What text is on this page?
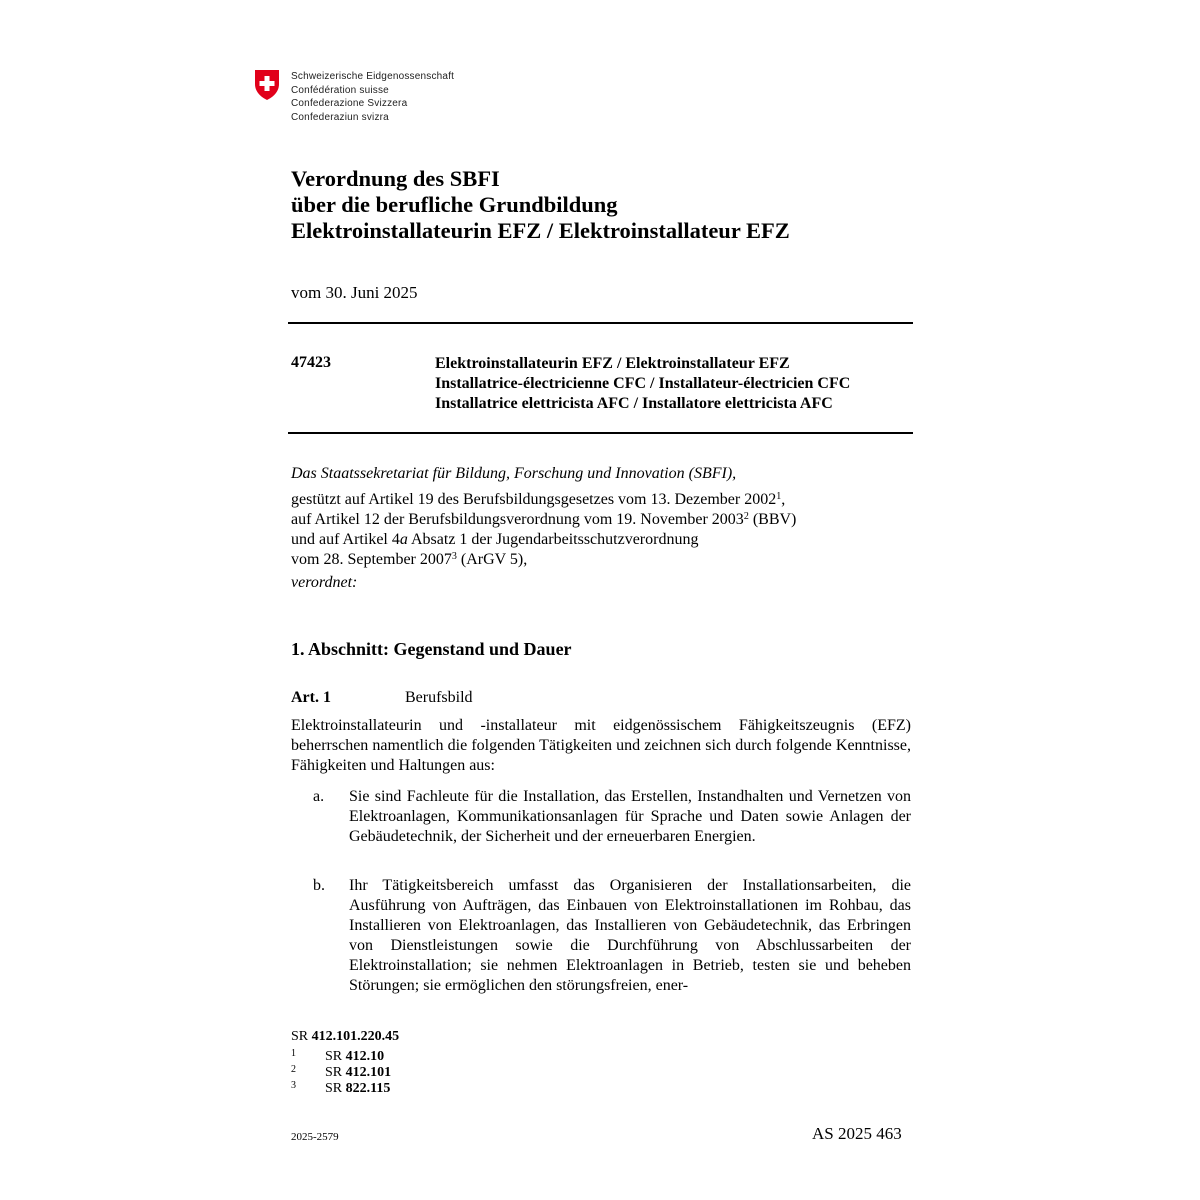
Schweizerische Eidgenossenschaft
Confédération suisse
Confederazione Svizzera
Confederaziun svizra
Verordnung des SBFI
über die berufliche Grundbildung
Elektroinstallateurin EFZ / Elektroinstallateur EFZ
vom 30. Juni 2025
47423	Elektroinstallateurin EFZ / Elektroinstallateur EFZ
Installatrice-électricienne CFC / Installateur-électricien CFC
Installatrice elettricista AFC / Installatore elettricista AFC

Das Staatssekretariat für Bildung, Forschung und Innovation (SBFI),

gestützt auf Artikel 19 des Berufsbildungsgesetzes vom 13. Dezember 2002$^1$,

auf Artikel 12 der Berufsbildungsverordnung vom 19. November 2003$^2$ (BBV)

und auf Artikel 4a Absatz 1 der Jugendarbeitsschutzverordnung

vom 28. September 2007$^3$ (ArGV 5),

verordnet:

1. Abschnitt: Gegenstand und Dauer
Art. 1	Berufsbild
Elektroinstallateurin und -installateur mit eidgenössischem Fähigkeitszeugnis (EFZ) beherrschen namentlich die folgenden Tätigkeiten und zeichnen sich durch folgende Kenntnisse, Fähigkeiten und Haltungen aus:
a. Sie sind Fachleute für die Installation, das Erstellen, Instandhalten und Vernetzen von Elektroanlagen, Kommunikationsanlagen für Sprache und Daten sowie Anlagen der Gebäudetechnik, der Sicherheit und der erneuerbaren Energien.
b. Ihr Tätigkeitsbereich umfasst das Organisieren der Installationsarbeiten, die Ausführung von Aufträgen, das Einbauen von Elektroinstallationen im Rohbau, das Installieren von Elektroanlagen, das Installieren von Gebäudetechnik, das Erbringen von Dienstleistungen sowie die Durchführung von Abschlussarbeiten der Elektroinstallation; sie nehmen Elektroanlagen in Betrieb, testen sie und beheben Störungen; sie ermöglichen den störungsfreien, ener-
SR 412.101.220.45
1 SR 412.10
2 SR 412.101
3 SR 822.115
2025-2579	AS 2025 463
